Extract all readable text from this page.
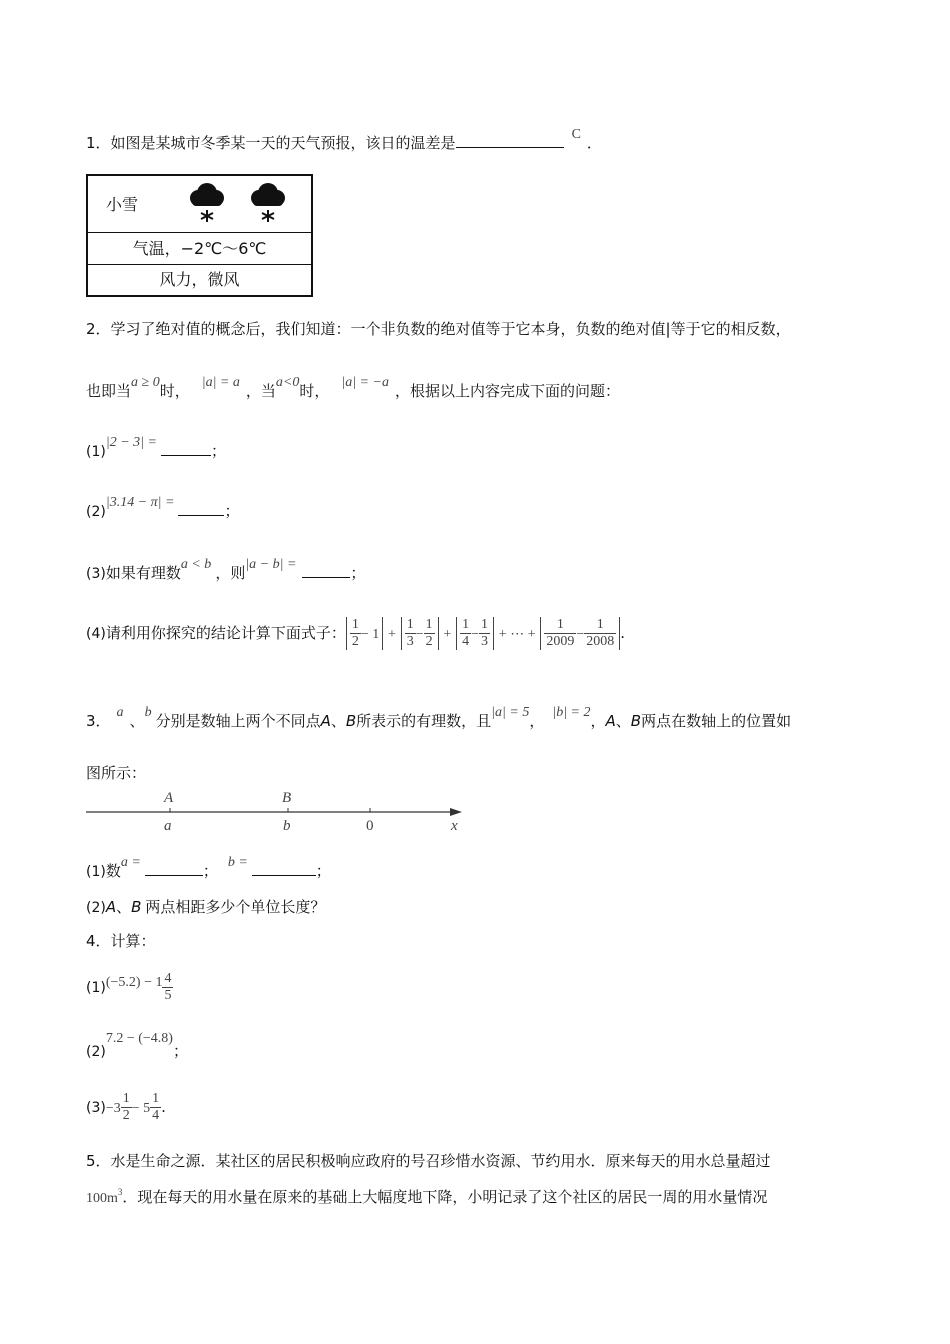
1．如图是某城市冬季某一天的天气预报，该日的温差是	C ．
小雪
气温，−2℃～6℃
风力，微风
2．学习了绝对值的概念后，我们知道：一个非负数的绝对值等于它本身，负数的绝对值|等于它的相反数，
也即当a ≥ 0时， |a| = a ，当a<0时， |a| = −a ，根据以上内容完成下面的问题：
(1)|2 − 3| =	；
(2)|3.14 − π| =	；
(3)如果有理数a < b ，则|a − b| =	；
(4)请利用你探究的结论计算下面式子： $\frac{1}{2} - 1 + \frac{1}{3} - \frac{1}{2} + \frac{1}{4} - \frac{1}{3}$ + ⋯ + $\frac{1}{2009} - \frac{1}{2008}$ .
3． a 、b 分别是数轴上两个不同点A、B所表示的有理数，且|a| = 5， |b| = 2，A、B两点在数轴上的位置如
图所示：
A	B
a	b	0	x
(1)数a =	； b =	；
(2)A、B 两点相距多少个单位长度？
4．计算：
$(1)(-5.2) - 1 \frac{4}{5}$
(2)7.2 − (−4.8)；
$(3)-3 \frac{1}{2} - 5 \frac{1}{4}$ .
5．水是生命之源．某社区的居民积极响应政府的号召珍惜水资源、节约用水．原来每天的用水总量超过
$100m^3$．现在每天的用水量在原来的基础上大幅度地下降，小明记录了这个社区的居民一周的用水量情况
